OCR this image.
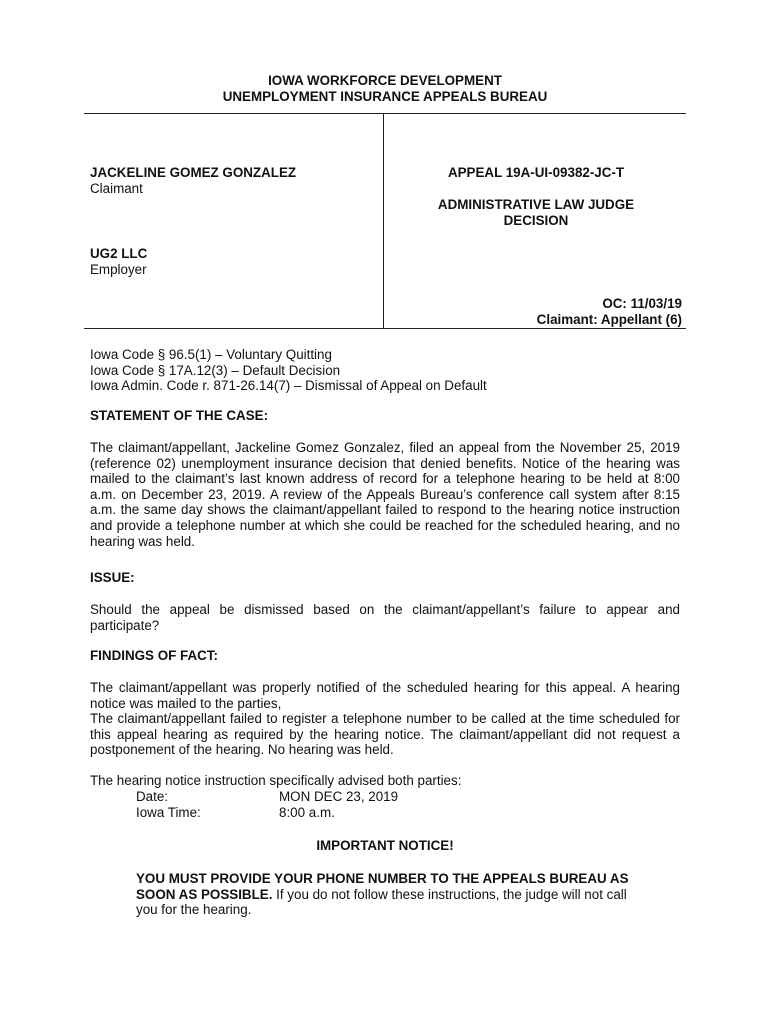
IOWA WORKFORCE DEVELOPMENT
UNEMPLOYMENT INSURANCE APPEALS BUREAU
JACKELINE GOMEZ GONZALEZ
Claimant
UG2 LLC
Employer
APPEAL 19A-UI-09382-JC-T
ADMINISTRATIVE LAW JUDGE
DECISION
OC: 11/03/19
Claimant: Appellant (6)
Iowa Code § 96.5(1) – Voluntary Quitting
Iowa Code § 17A.12(3) – Default Decision
Iowa Admin. Code r. 871-26.14(7) – Dismissal of Appeal on Default
STATEMENT OF THE CASE:
The claimant/appellant, Jackeline Gomez Gonzalez, filed an appeal from the November 25, 2019 (reference 02) unemployment insurance decision that denied benefits. Notice of the hearing was mailed to the claimant’s last known address of record for a telephone hearing to be held at 8:00 a.m. on December 23, 2019. A review of the Appeals Bureau’s conference call system after 8:15 a.m. the same day shows the claimant/appellant failed to respond to the hearing notice instruction and provide a telephone number at which she could be reached for the scheduled hearing, and no hearing was held.
ISSUE:
Should the appeal be dismissed based on the claimant/appellant’s failure to appear and participate?
FINDINGS OF FACT:
The claimant/appellant was properly notified of the scheduled hearing for this appeal. A hearing notice was mailed to the parties,
The claimant/appellant failed to register a telephone number to be called at the time scheduled for this appeal hearing as required by the hearing notice. The claimant/appellant did not request a postponement of the hearing. No hearing was held.
The hearing notice instruction specifically advised both parties:
Date:	MON DEC 23, 2019
Iowa Time:	8:00 a.m.
IMPORTANT NOTICE!
YOU MUST PROVIDE YOUR PHONE NUMBER TO THE APPEALS BUREAU AS SOON AS POSSIBLE. If you do not follow these instructions, the judge will not call you for the hearing.
